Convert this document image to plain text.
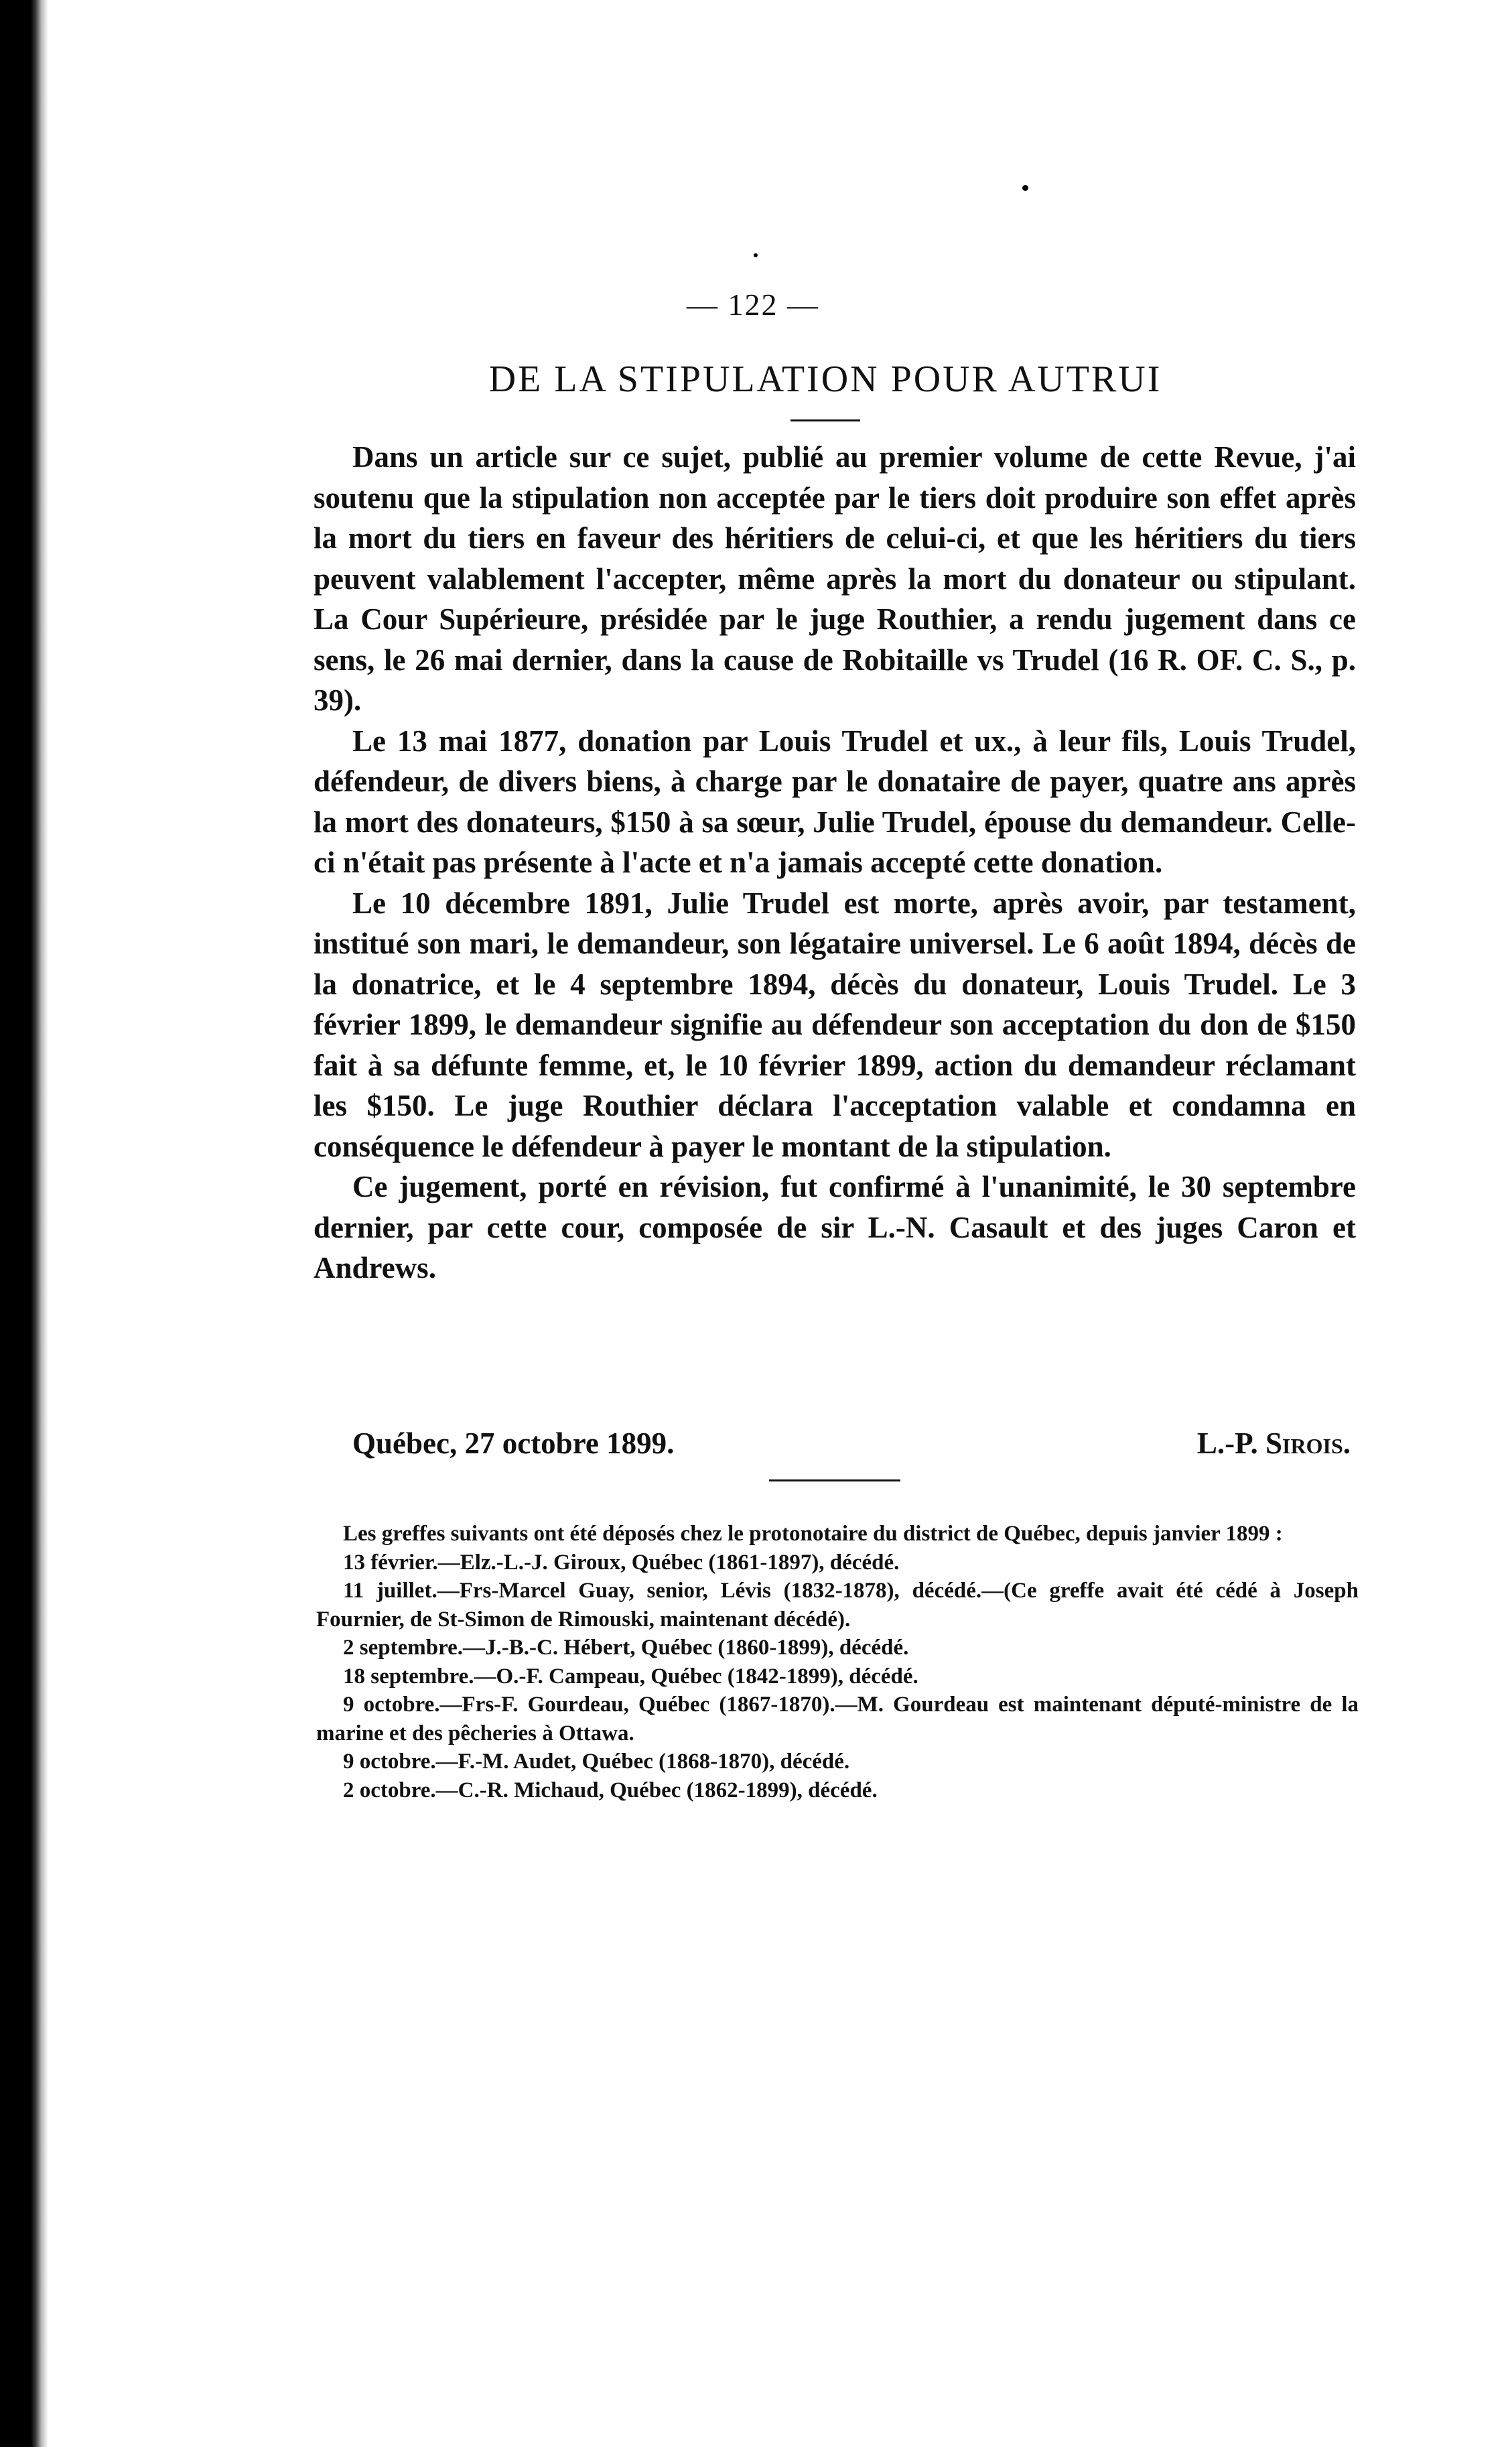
— 122 —
DE LA STIPULATION POUR AUTRUI

Dans un article sur ce sujet, publié au premier volume de cette Revue, j'ai soutenu que la stipulation non acceptée par le tiers doit produire son effet après la mort du tiers en faveur des héritiers de celui-ci, et que les héritiers du tiers peuvent valablement l'accepter, même après la mort du donateur ou stipulant. La Cour Supérieure, présidée par le juge Routhier, a rendu jugement dans ce sens, le 26 mai dernier, dans la cause de Robitaille vs Trudel (16 R. OF. C. S., p. 39).

Le 13 mai 1877, donation par Louis Trudel et ux., à leur fils, Louis Trudel, défendeur, de divers biens, à charge par le donataire de payer, quatre ans après la mort des donateurs, $150 à sa sœur, Julie Trudel, épouse du demandeur. Celle-ci n'était pas présente à l'acte et n'a jamais accepté cette donation.

Le 10 décembre 1891, Julie Trudel est morte, après avoir, par testament, institué son mari, le demandeur, son légataire universel. Le 6 août 1894, décès de la donatrice, et le 4 septembre 1894, décès du donateur, Louis Trudel. Le 3 février 1899, le demandeur signifie au défendeur son acceptation du don de $150 fait à sa défunte femme, et, le 10 février 1899, action du demandeur réclamant les $150. Le juge Routhier déclara l'acceptation valable et condamna en conséquence le défendeur à payer le montant de la stipulation.

Ce jugement, porté en révision, fut confirmé à l'unanimité, le 30 septembre dernier, par cette cour, composée de sir L.-N. Casault et des juges Caron et Andrews.

Québec, 27 octobre 1899.	L.-P. Sirois.

Les greffes suivants ont été déposés chez le protonotaire du district de Québec, depuis janvier 1899 :

13 février.—Elz.-L.-J. Giroux, Québec (1861-1897), décédé.

11 juillet.—Frs-Marcel Guay, senior, Lévis (1832-1878), décédé.—(Ce greffe avait été cédé à Joseph Fournier, de St-Simon de Rimouski, maintenant décédé).

2 septembre.—J.-B.-C. Hébert, Québec (1860-1899), décédé.

18 septembre.—O.-F. Campeau, Québec (1842-1899), décédé.

9 octobre.—Frs-F. Gourdeau, Québec (1867-1870).—M. Gourdeau est maintenant député-ministre de la marine et des pêcheries à Ottawa.

9 octobre.—F.-M. Audet, Québec (1868-1870), décédé.

2 octobre.—C.-R. Michaud, Québec (1862-1899), décédé.
